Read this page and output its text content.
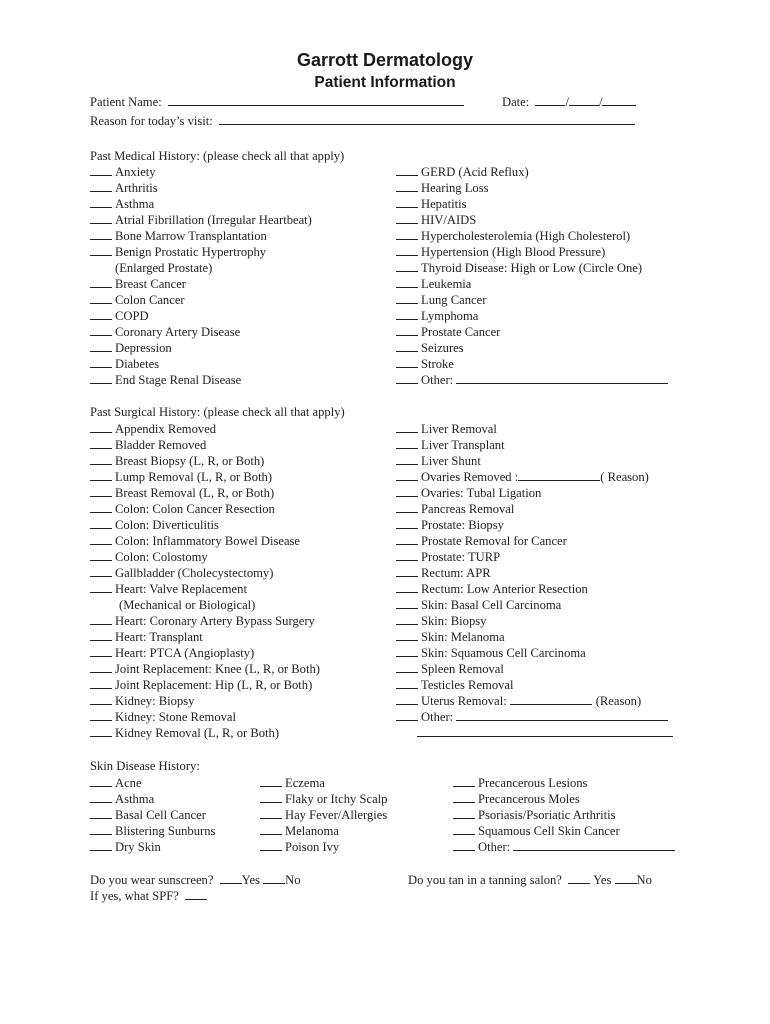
Garrott Dermatology
Patient Information
Patient Name:	Date:	/ /
Reason for today’s visit:
Past Medical History: (please check all that apply)
Anxiety
Arthritis
Asthma
Atrial Fibrillation (Irregular Heartbeat)
Bone Marrow Transplantation
Benign Prostatic Hypertrophy
(Enlarged Prostate)
Breast Cancer
Colon Cancer
COPD
Coronary Artery Disease
Depression
Diabetes
End Stage Renal Disease
GERD (Acid Reflux)
Hearing Loss
Hepatitis
HIV/AIDS
Hypercholesterolemia (High Cholesterol)
Hypertension (High Blood Pressure)
Thyroid Disease: High or Low (Circle One)
Leukemia
Lung Cancer
Lymphoma
Prostate Cancer
Seizures
Stroke
Other:
Past Surgical History: (please check all that apply)
Appendix Removed
Bladder Removed
Breast Biopsy (L, R, or Both)
Lump Removal (L, R, or Both)
Breast Removal (L, R, or Both)
Colon: Colon Cancer Resection
Colon: Diverticulitis
Colon: Inflammatory Bowel Disease
Colon: Colostomy
Gallbladder (Cholecystectomy)
Heart: Valve Replacement
(Mechanical or Biological)
Heart: Coronary Artery Bypass Surgery
Heart: Transplant
Heart: PTCA (Angioplasty)
Joint Replacement: Knee (L, R, or Both)
Joint Replacement: Hip (L, R, or Both)
Kidney: Biopsy
Kidney: Stone Removal
Kidney Removal (L, R, or Both)
Liver Removal
Liver Transplant
Liver Shunt
Ovaries Removed :	( Reason)
Ovaries: Tubal Ligation
Pancreas Removal
Prostate: Biopsy
Prostate Removal for Cancer
Prostate: TURP
Rectum: APR
Rectum: Low Anterior Resection
Skin: Basal Cell Carcinoma
Skin: Biopsy
Skin: Melanoma
Skin: Squamous Cell Carcinoma
Spleen Removal
Testicles Removal
Uterus Removal:	(Reason)
Other:
Skin Disease History:
Acne
Asthma
Basal Cell Cancer
Blistering Sunburns
Dry Skin
Eczema
Flaky or Itchy Scalp
Hay Fever/Allergies
Melanoma
Poison Ivy
Precancerous Lesions
Precancerous Moles
Psoriasis/Psoriatic Arthritis
Squamous Cell Skin Cancer
Other:
Do you wear sunscreen? Yes No	Do you tan in a tanning salon? Yes No
If yes, what SPF?
